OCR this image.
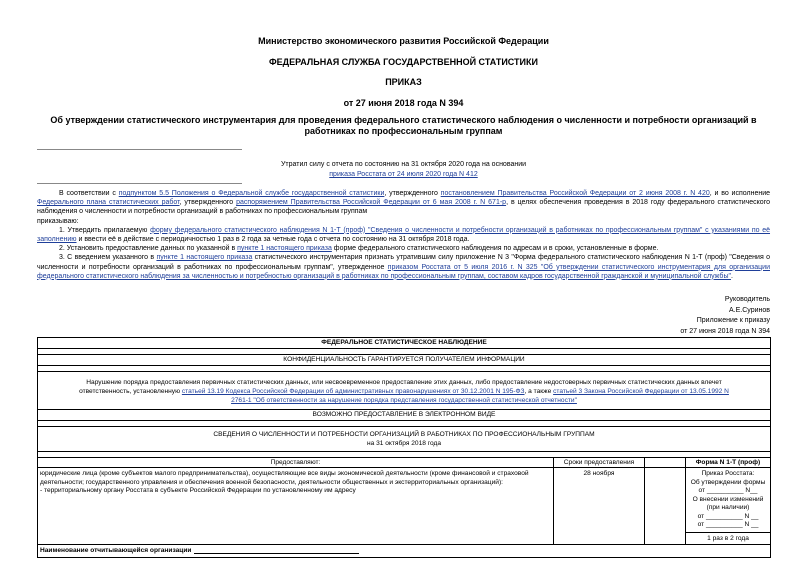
Министерство экономического развития Российской Федерации

ФЕДЕРАЛЬНАЯ СЛУЖБА ГОСУДАРСТВЕННОЙ СТАТИСТИКИ

ПРИКАЗ

от 27 июня 2018 года N 394

Об утверждении статистического инструментария для проведения федерального статистического наблюдения о численности и потребности организаций в работниках по профессиональным группам

Утратил силу с отчета по состоянию на 31 октября 2020 года на основании
приказа Росстата от 24 июля 2020 года N 412

В соответствии с подпунктом 5.5 Положения о Федеральной службе государственной статистики, утвержденного постановлением Правительства Российской Федерации от 2 июня 2008 г. N 420, и во исполнение Федерального плана статистических работ, утвержденного распоряжением Правительства Российской Федерации от 6 мая 2008 г. N 671-р, в целях обеспечения проведения в 2018 году федерального статистического наблюдения о численности и потребности организаций в работниках по профессиональным группам

приказываю:

1. Утвердить прилагаемую форму федерального статистического наблюдения N 1-Т (проф) "Сведения о численности и потребности организаций в работниках по профессиональным группам" с указаниями по её заполнению и ввести её в действие с периодичностью 1 раз в 2 года за четные года с отчета по состоянию на 31 октября 2018 года.

2. Установить предоставление данных по указанной в пункте 1 настоящего приказа форме федерального статистического наблюдения по адресам и в сроки, установленные в форме.

3. С введением указанного в пункте 1 настоящего приказа статистического инструментария признать утратившим силу приложение N 3 "Форма федерального статистического наблюдения N 1-Т (проф) "Сведения о численности и потребности организаций в работниках по профессиональным группам", утвержденное приказом Росстата от 5 июля 2016 г. N 325 "Об утверждении статистического инструментария для организации федерального статистического наблюдения за численностью и потребностью организаций в работниках по профессиональным группам, составом кадров государственной гражданской и муниципальной службы".

Руководитель
А.Е.Суринов
Приложение к приказу
от 27 июня 2018 года N 394
ФЕДЕРАЛЬНОЕ СТАТИСТИЧЕСКОЕ НАБЛЮДЕНИЕ
КОНФИДЕНЦИАЛЬНОСТЬ ГАРАНТИРУЕТСЯ ПОЛУЧАТЕЛЕМ ИНФОРМАЦИИ
Нарушение порядка предоставления первичных статистических данных, или несвоевременное предоставление этих данных, либо предоставление недостоверных первичных статистических данных влечет ответственность, установленную статьей 13.19 Кодекса Российской Федерации об административных правонарушениях от 30.12.2001 N 195-ФЗ, а также статьей 3 Закона Российской Федерации от 13.05.1992 N 2761-1 "Об ответственности за нарушение порядка представления государственной статистической отчетности"
ВОЗМОЖНО ПРЕДОСТАВЛЕНИЕ В ЭЛЕКТРОННОМ ВИДЕ
СВЕДЕНИЯ О ЧИСЛЕННОСТИ И ПОТРЕБНОСТИ ОРГАНИЗАЦИЙ В РАБОТНИКАХ ПО ПРОФЕССИОНАЛЬНЫМ ГРУППАМ
на 31 октября 2018 года
Предоставляют:
юридические лица (кроме субъектов малого предпринимательства), осуществляющие все виды экономической деятельности (кроме финансовой и страховой деятельности; государственного управления и обеспечения военной безопасности, деятельности общественных и экстерриториальных организаций):
- территориальному органу Росстата в субъекте Российской Федерации по установленному им адресу
Сроки предоставления
28 ноября

Форма N 1-Т (проф)
Приказ Росстата:
Об утверждении формы
от __________ N__
О внесении изменений
(при наличии)
от __________ N __
от __________ N __
1 раз в 2 года
Наименование отчитывающейся организации
